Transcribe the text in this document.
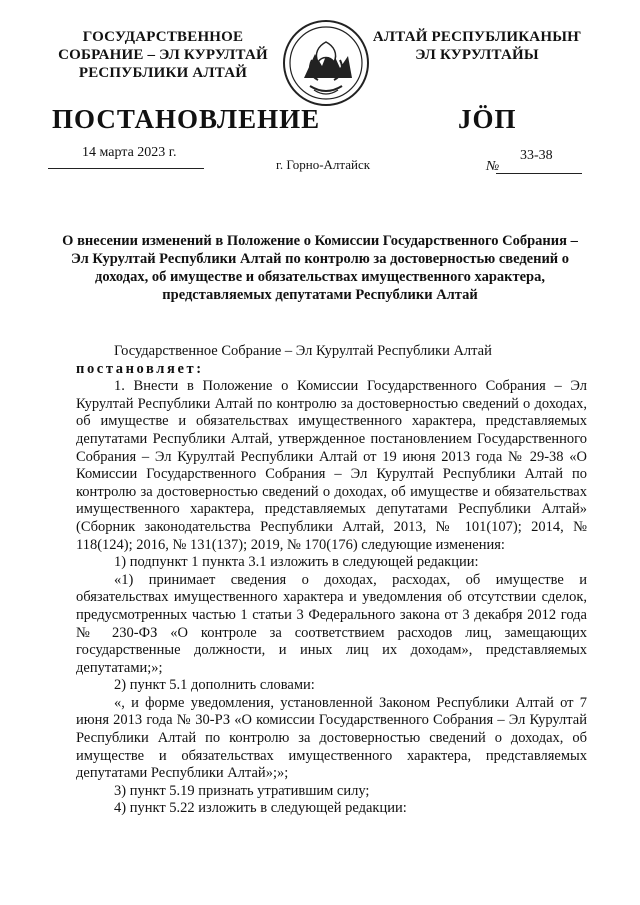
ГОСУДАРСТВЕННОЕ
СОБРАНИЕ – ЭЛ КУРУЛТАЙ
РЕСПУБЛИКИ АЛТАЙ
АЛТАЙ РЕСПУБЛИКАНЫҤ
ЭЛ КУРУЛТАЙЫ
ПОСТАНОВЛЕНИЕ	JӦП
14 марта 2023 г.
г. Горно-Алтайск	№
33-38
О внесении изменений в Положение о Комиссии Государственного Собрания – Эл Курултай Республики Алтай по контролю за достоверностью сведений о доходах, об имуществе и обязательствах имущественного характера, представляемых депутатами Республики Алтай

Государственное Собрание – Эл Курултай Республики Алтай

постановляет:

1. Внести в Положение о Комиссии Государственного Собрания – Эл Курултай Республики Алтай по контролю за достоверностью сведений о доходах, об имуществе и обязательствах имущественного характера, представляемых депутатами Республики Алтай, утвержденное постановлением Государственного Собрания – Эл Курултай Республики Алтай от 19 июня 2013 года № 29-38 «О Комиссии Государственного Собрания – Эл Курултай Республики Алтай по контролю за достоверностью сведений о доходах, об имуществе и обязательствах имущественного характера, представляемых депутатами Республики Алтай» (Сборник законодательства Республики Алтай, 2013, № 101(107); 2014, № 118(124); 2016, № 131(137); 2019, № 170(176) следующие изменения:

1) подпункт 1 пункта 3.1 изложить в следующей редакции:

«1) принимает сведения о доходах, расходах, об имуществе и обязательствах имущественного характера и уведомления об отсутствии сделок, предусмотренных частью 1 статьи 3 Федерального закона от 3 декабря 2012 года № 230-ФЗ «О контроле за соответствием расходов лиц, замещающих государственные должности, и иных лиц их доходам», представляемых депутатами;»;

2) пункт 5.1 дополнить словами:

«, и форме уведомления, установленной Законом Республики Алтай от 7 июня 2013 года № 30-РЗ «О комиссии Государственного Собрания – Эл Курултай Республики Алтай по контролю за достоверностью сведений о доходах, об имуществе и обязательствах имущественного характера, представляемых депутатами Республики Алтай»;»;

3) пункт 5.19 признать утратившим силу;

4) пункт 5.22 изложить в следующей редакции:
